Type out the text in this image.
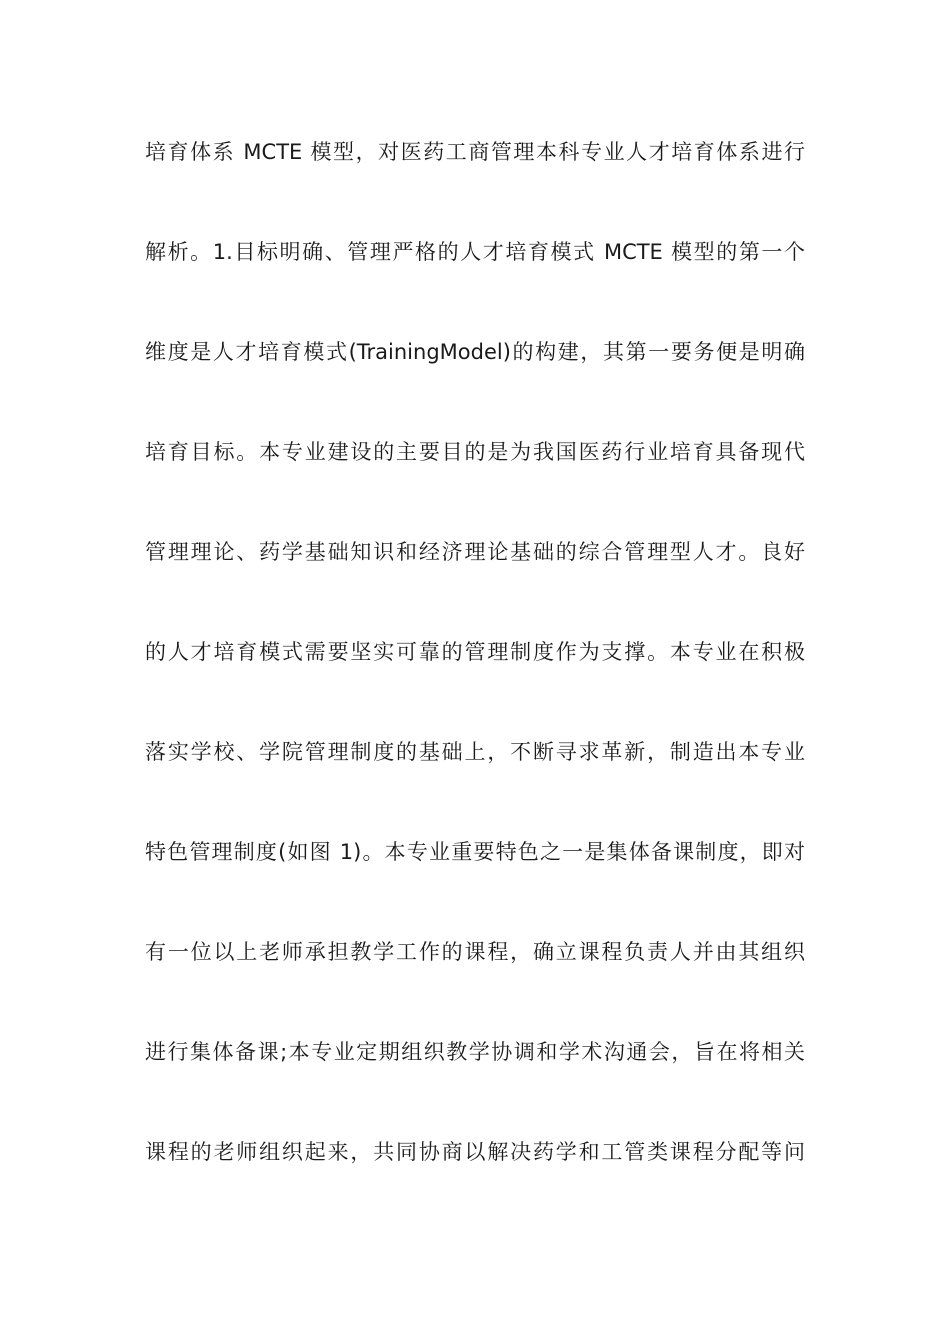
培育体系 MCTE 模型，对医药工商管理本科专业人才培育体系进行
解析。1.目标明确、管理严格的人才培育模式 MCTE 模型的第一个
维度是人才培育模式(TrainingModel)的构建，其第一要务便是明确
培育目标。本专业建设的主要目的是为我国医药行业培育具备现代
管理理论、药学基础知识和经济理论基础的综合管理型人才。良好
的人才培育模式需要坚实可靠的管理制度作为支撑。本专业在积极
落实学校、学院管理制度的基础上，不断寻求革新，制造出本专业
特色管理制度(如图 1)。本专业重要特色之一是集体备课制度，即对
有一位以上老师承担教学工作的课程，确立课程负责人并由其组织
进行集体备课;本专业定期组织教学协调和学术沟通会，旨在将相关
课程的老师组织起来，共同协商以解决药学和工管类课程分配等问
